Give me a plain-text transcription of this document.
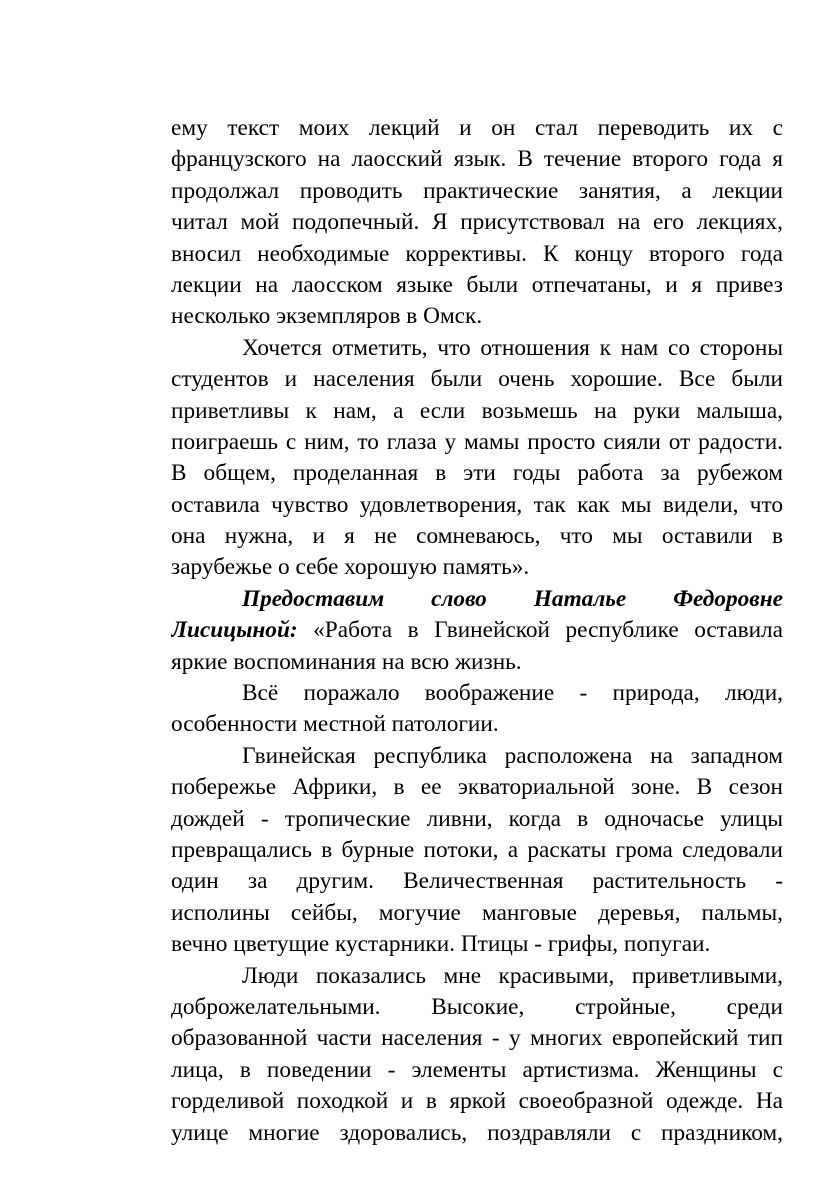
ему текст моих лекций и он стал переводить их с
французского на лаосский язык. В течение второго года я
продолжал проводить практические занятия, а лекции
читал мой подопечный. Я присутствовал на его лекциях,
вносил необходимые коррективы. К концу второго года
лекции на лаосском языке были отпечатаны, и я привез
несколько экземпляров в Омск.
Хочется отметить, что отношения к нам со стороны
студентов и населения были очень хорошие. Все были
приветливы к нам, а если возьмешь на руки малыша,
поиграешь с ним, то глаза у мамы просто сияли от радости.
В общем, проделанная в эти годы работа за рубежом
оставила чувство удовлетворения, так как мы видели, что
она нужна, и я не сомневаюсь, что мы оставили в
зарубежье о себе хорошую память».
Предоставим слово Наталье Федоровне
Лисицыной: «Работа в Гвинейской республике оставила
яркие воспоминания на всю жизнь.
Всё поражало воображение - природа, люди,
особенности местной патологии.
Гвинейская республика расположена на западном
побережье Африки, в ее экваториальной зоне. В сезон
дождей - тропические ливни, когда в одночасье улицы
превращались в бурные потоки, а раскаты грома следовали
один за другим. Величественная растительность -
исполины сейбы, могучие манговые деревья, пальмы,
вечно цветущие кустарники. Птицы - грифы, попугаи.
Люди показались мне красивыми, приветливыми,
доброжелательными. Высокие, стройные, среди
образованной части населения - у многих европейский тип
лица, в поведении - элементы артистизма. Женщины с
горделивой походкой и в яркой своеобразной одежде. На
улице многие здоровались, поздравляли с праздником,
